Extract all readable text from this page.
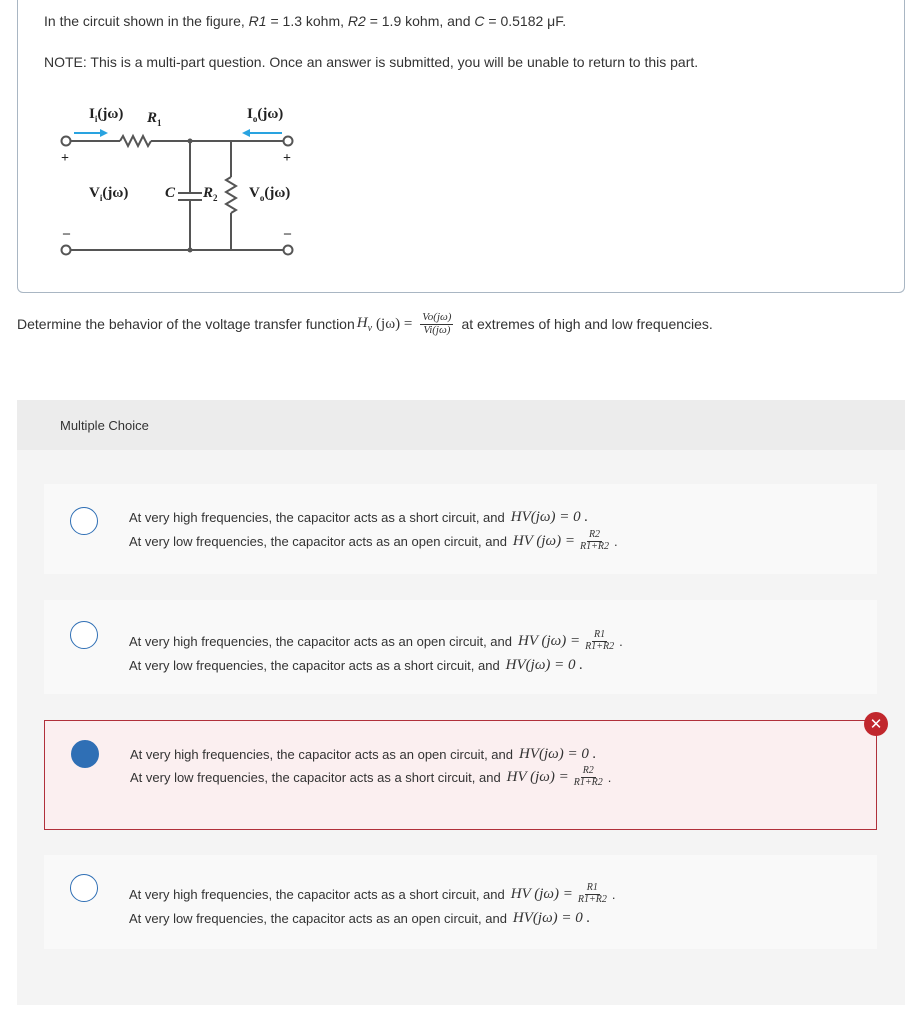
In the circuit shown in the figure, R1 = 1.3 kohm, R2 = 1.9 kohm, and C = 0.5182 μF.
NOTE: This is a multi-part question. Once an answer is submitted, you will be unable to return to this part.
$I_i(j\omega)$ $R_1$
$I_o(j\omega)$
+	+
$V_i(j\omega)$ C $R_2$ $V_o(j\omega)$
–	–
Determine the behavior of the voltage transfer function $H_v$ $(j\omega) = \frac{Vo(j\omega)}{Vi(j\omega)}$ at extremes of high and low frequencies.
Multiple Choice
At very high frequencies, the capacitor acts as a short circuit, and HV(jω) = 0 .
At very low frequencies, the capacitor acts as an open circuit, and HV $(j\omega) = \frac{R2}{R1+R2}$ .
At very high frequencies, the capacitor acts as an open circuit, and HV $(j\omega) = \frac{R1}{R1+R2}$ .
At very low frequencies, the capacitor acts as a short circuit, and HV(jω) = 0 .
At very high frequencies, the capacitor acts as an open circuit, and HV(jω) = 0 .
At very low frequencies, the capacitor acts as a short circuit, and HV $(j\omega) = \frac{R2}{R1+R2}$ .
At very high frequencies, the capacitor acts as a short circuit, and HV $(j\omega) = \frac{R1}{R1+R2}$ .
At very low frequencies, the capacitor acts as an open circuit, and HV(jω) = 0 .
✕
